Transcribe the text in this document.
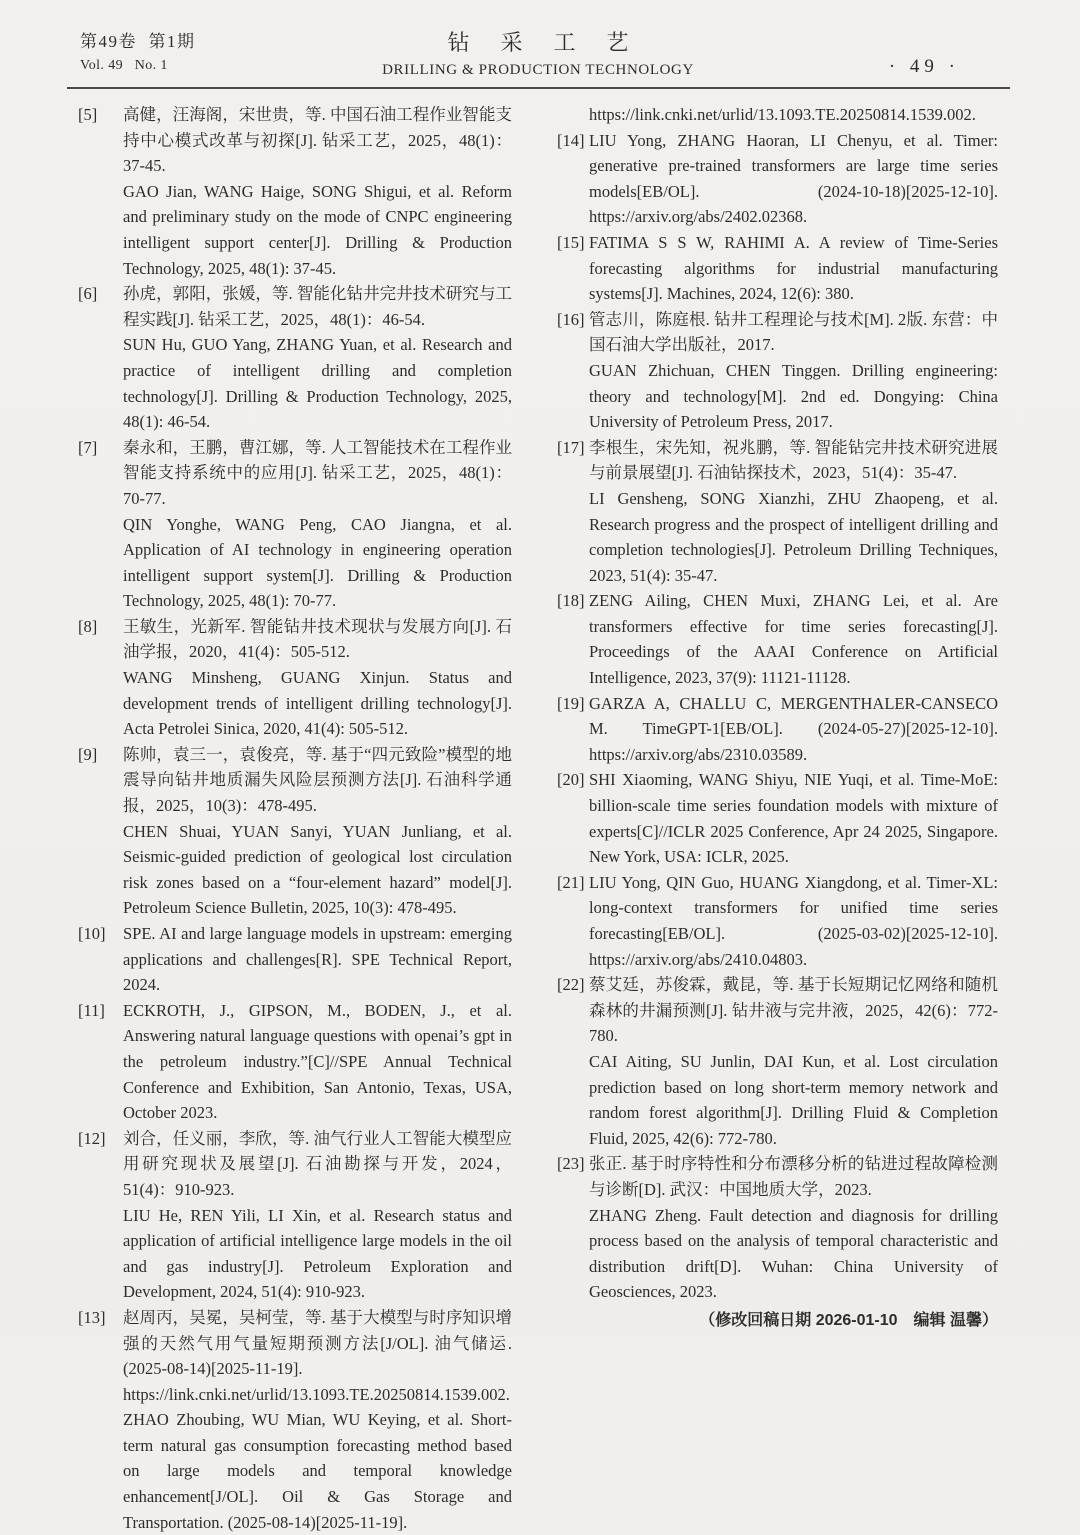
第49卷  第1期
Vol. 49   No. 1
钻采工艺
DRILLING & PRODUCTION TECHNOLOGY	· 49 ·
[5]	高健，汪海阁，宋世贵，等. 中国石油工程作业智能支持中心模式改革与初探[J]. 钻采工艺，2025，48(1)：37-45.

GAO Jian, WANG Haige, SONG Shigui, et al. Reform and preliminary study on the mode of CNPC engineering intelligent support center[J]. Drilling & Production Technology, 2025, 48(1): 37-45.

[6]	孙虎，郭阳，张媛，等. 智能化钻井完井技术研究与工程实践[J]. 钻采工艺，2025，48(1)：46-54.

SUN Hu, GUO Yang, ZHANG Yuan, et al. Research and practice of intelligent drilling and completion technology[J]. Drilling & Production Technology, 2025, 48(1): 46-54.

[7]	秦永和，王鹏，曹江娜，等. 人工智能技术在工程作业智能支持系统中的应用[J]. 钻采工艺，2025，48(1)：70-77.

QIN Yonghe, WANG Peng, CAO Jiangna, et al. Application of AI technology in engineering operation intelligent support system[J]. Drilling & Production Technology, 2025, 48(1): 70-77.

[8]	王敏生，光新军. 智能钻井技术现状与发展方向[J]. 石油学报，2020，41(4)：505-512.

WANG Minsheng, GUANG Xinjun. Status and development trends of intelligent drilling technology[J]. Acta Petrolei Sinica, 2020, 41(4): 505-512.

[9]	陈帅，袁三一，袁俊亮，等. 基于“四元致险”模型的地震导向钻井地质漏失风险层预测方法[J]. 石油科学通报，2025，10(3)：478-495.

CHEN Shuai, YUAN Sanyi, YUAN Junliang, et al. Seismic-guided prediction of geological lost circulation risk zones based on a “four-element hazard” model[J]. Petroleum Science Bulletin, 2025, 10(3): 478-495.

[10]	SPE. AI and large language models in upstream: emerging applications and challenges[R]. SPE Technical Report, 2024.

[11]	ECKROTH, J., GIPSON, M., BODEN, J., et al. Answering natural language questions with openai’s gpt in the petroleum industry.”[C]//SPE Annual Technical Conference and Exhibition, San Antonio, Texas, USA, October 2023.

[12]	刘合，任义丽，李欣，等. 油气行业人工智能大模型应用研究现状及展望[J]. 石油勘探与开发，2024，51(4)：910-923.

LIU He, REN Yili, LI Xin, et al. Research status and application of artificial intelligence large models in the oil and gas industry[J]. Petroleum Exploration and Development, 2024, 51(4): 910-923.

[13]	赵周丙，吴冕，吴柯莹，等. 基于大模型与时序知识增强的天然气用气量短期预测方法[J/OL]. 油气储运. (2025-08-14)[2025-11-19]. https://link.cnki.net/urlid/13.1093.TE.20250814.1539.002.

ZHAO Zhoubing, WU Mian, WU Keying, et al. Short-term natural gas consumption forecasting method based on large models and temporal knowledge enhancement[J/OL]. Oil & Gas Storage and Transportation. (2025-08-14)[2025-11-19].

https://link.cnki.net/urlid/13.1093.TE.20250814.1539.002.

[14] LIU Yong, ZHANG Haoran, LI Chenyu, et al. Timer: generative pre-trained transformers are large time series models[EB/OL]. (2024-10-18)[2025-12-10]. https://arxiv.org/abs/2402.02368.

[15] FATIMA S S W, RAHIMI A. A review of Time-Series forecasting algorithms for industrial manufacturing systems[J]. Machines, 2024, 12(6): 380.

[16] 管志川，陈庭根. 钻井工程理论与技术[M]. 2版. 东营：中国石油大学出版社，2017.

GUAN Zhichuan, CHEN Tinggen. Drilling engineering: theory and technology[M]. 2nd ed. Dongying: China University of Petroleum Press, 2017.

[17] 李根生，宋先知，祝兆鹏，等. 智能钻完井技术研究进展与前景展望[J]. 石油钻探技术，2023，51(4)：35-47.

LI Gensheng, SONG Xianzhi, ZHU Zhaopeng, et al. Research progress and the prospect of intelligent drilling and completion technologies[J]. Petroleum Drilling Techniques, 2023, 51(4): 35-47.

[18] ZENG Ailing, CHEN Muxi, ZHANG Lei, et al. Are transformers effective for time series forecasting[J]. Proceedings of the AAAI Conference on Artificial Intelligence, 2023, 37(9): 11121-11128.

[19] GARZA A, CHALLU C, MERGENTHALER-CANSECO M. TimeGPT-1[EB/OL]. (2024-05-27)[2025-12-10]. https://arxiv.org/abs/2310.03589.

[20] SHI Xiaoming, WANG Shiyu, NIE Yuqi, et al. Time-MoE: billion-scale time series foundation models with mixture of experts[C]//ICLR 2025 Conference, Apr 24 2025, Singapore. New York, USA: ICLR, 2025.

[21] LIU Yong, QIN Guo, HUANG Xiangdong, et al. Timer-XL: long-context transformers for unified time series forecasting[EB/OL]. (2025-03-02)[2025-12-10]. https://arxiv.org/abs/2410.04803.

[22] 蔡艾廷，苏俊霖，戴昆，等. 基于长短期记忆网络和随机森林的井漏预测[J]. 钻井液与完井液，2025，42(6)：772-780.

CAI Aiting, SU Junlin, DAI Kun, et al. Lost circulation prediction based on long short-term memory network and random forest algorithm[J]. Drilling Fluid & Completion Fluid, 2025, 42(6): 772-780.

[23] 张正. 基于时序特性和分布漂移分析的钻进过程故障检测与诊断[D]. 武汉：中国地质大学，2023.

ZHANG Zheng. Fault detection and diagnosis for drilling process based on the analysis of temporal characteristic and distribution drift[D]. Wuhan: China University of Geosciences, 2023.

（修改回稿日期 2026-01-10　编辑 温馨）
